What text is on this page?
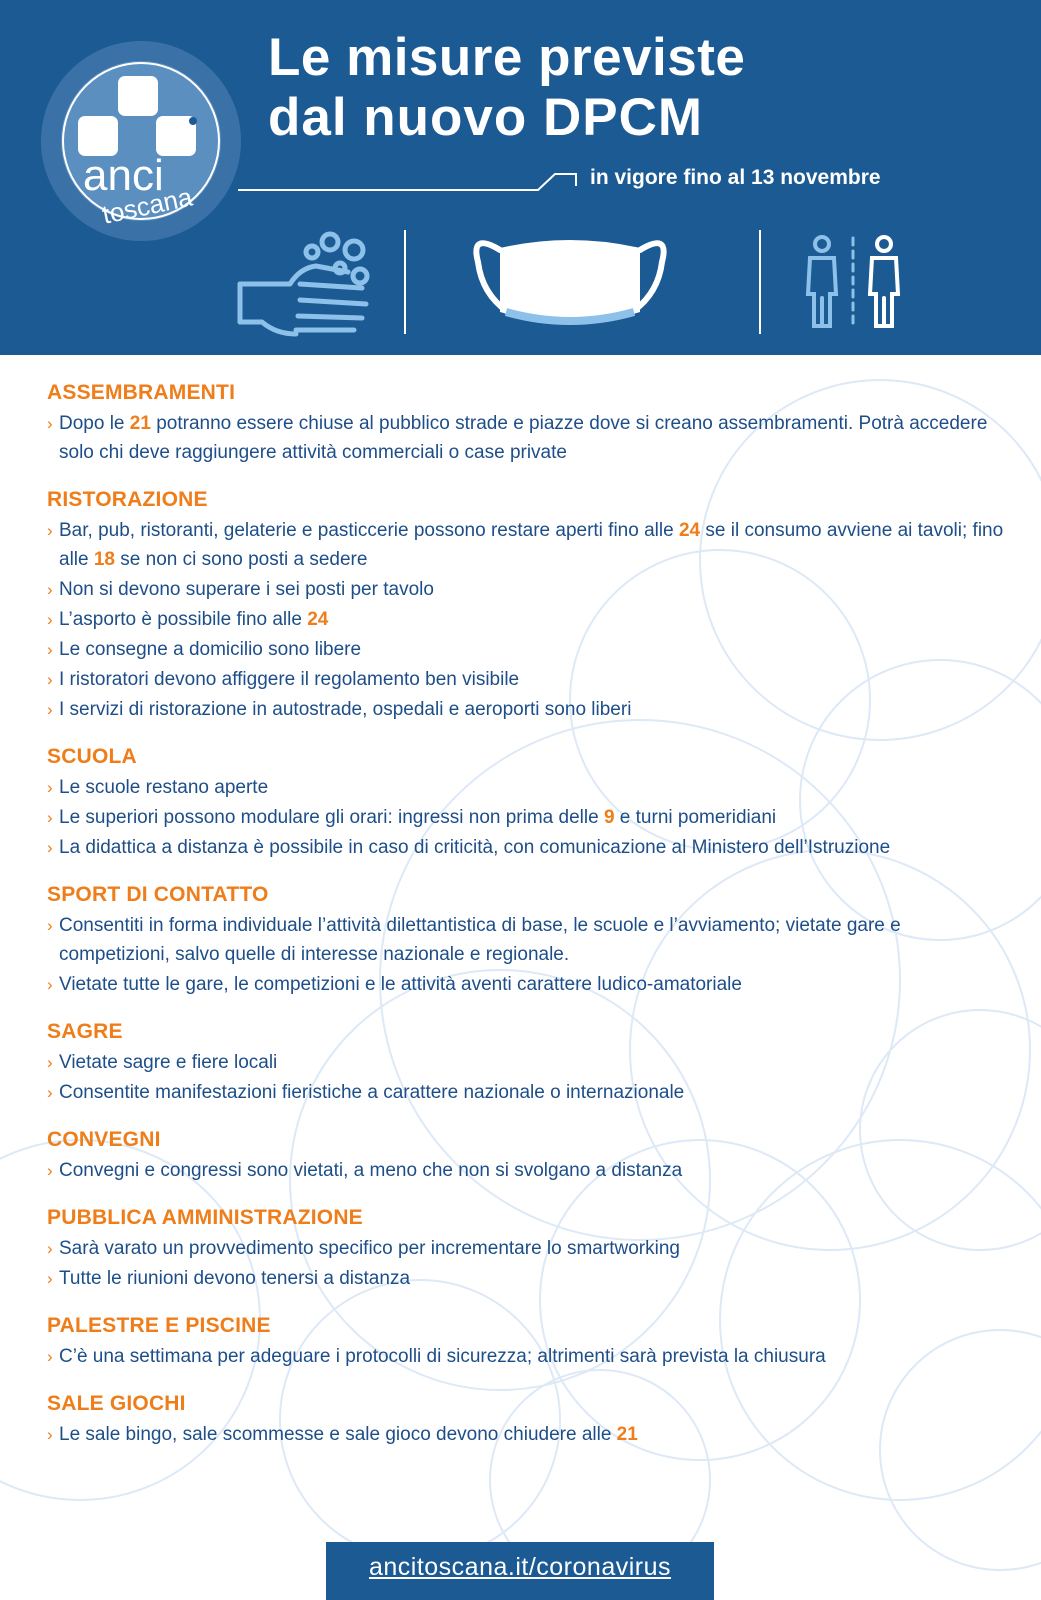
anci
toscana
Le misure previste
dal nuovo DPCM
in vigore fino al 13 novembre
ASSEMBRAMENTI
› Dopo le 21 potranno essere chiuse al pubblico strade e piazze dove si creano assembramenti. Potrà accedere solo chi deve raggiungere attività commerciali o case private
RISTORAZIONE
› Bar, pub, ristoranti, gelaterie e pasticcerie possono restare aperti fino alle 24 se il consumo avviene ai tavoli; fino alle 18 se non ci sono posti a sedere
› Non si devono superare i sei posti per tavolo
› L’asporto è possibile fino alle 24
› Le consegne a domicilio sono libere
› I ristoratori devono affiggere il regolamento ben visibile
› I servizi di ristorazione in autostrade, ospedali e aeroporti sono liberi
SCUOLA
› Le scuole restano aperte
› Le superiori possono modulare gli orari: ingressi non prima delle 9 e turni pomeridiani
› La didattica a distanza è possibile in caso di criticità, con comunicazione al Ministero dell’Istruzione
SPORT DI CONTATTO
› Consentiti in forma individuale l’attività dilettantistica di base, le scuole e l’avviamento; vietate gare e competizioni, salvo quelle di interesse nazionale e regionale.
› Vietate tutte le gare, le competizioni e le attività aventi carattere ludico-amatoriale
SAGRE
› Vietate sagre e fiere locali
› Consentite manifestazioni fieristiche a carattere nazionale o internazionale
CONVEGNI
› Convegni e congressi sono vietati, a meno che non si svolgano a distanza
PUBBLICA AMMINISTRAZIONE
› Sarà varato un provvedimento specifico per incrementare lo smartworking
› Tutte le riunioni devono tenersi a distanza
PALESTRE E PISCINE
› C’è una settimana per adeguare i protocolli di sicurezza; altrimenti sarà prevista la chiusura
SALE GIOCHI
› Le sale bingo, sale scommesse e sale gioco devono chiudere alle 21
ancitoscana.it/coronavirus
